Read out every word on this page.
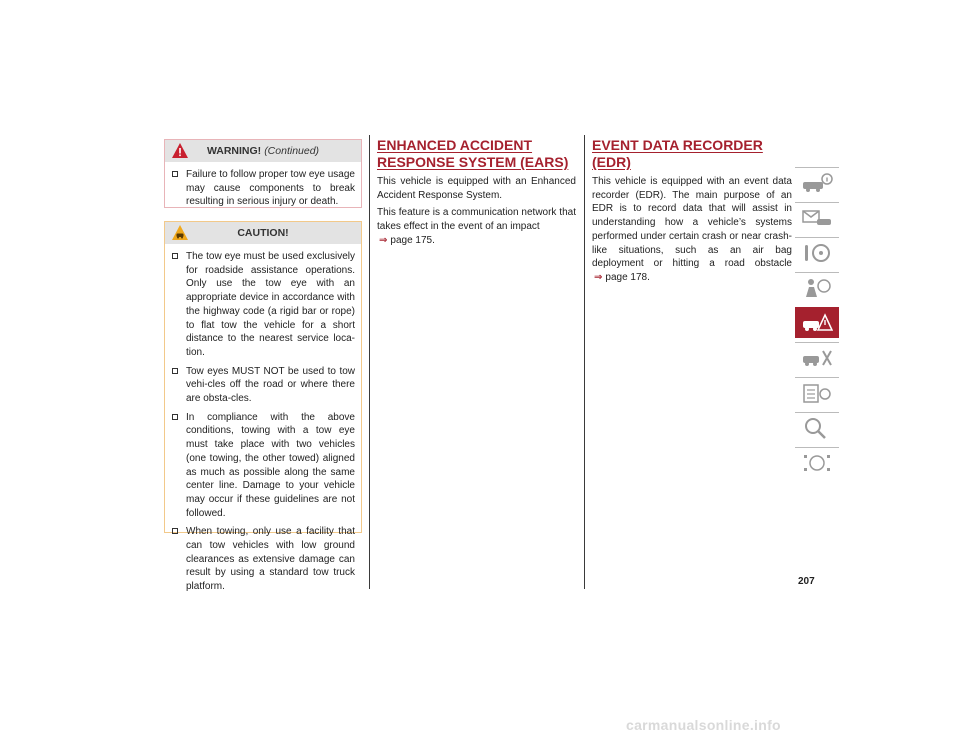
WARNING! (Continued)
Failure to follow proper tow eye usage may cause components to break resulting in serious injury or death.
CAUTION!
The tow eye must be used exclusively for roadside assistance operations. Only use the tow eye with an appropriate device in accordance with the highway code (a rigid bar or rope) to flat tow the vehicle for a short distance to the nearest service loca-tion.
Tow eyes MUST NOT be used to tow vehi-cles off the road or where there are obsta-cles.
In compliance with the above conditions, towing with a tow eye must take place with two vehicles (one towing, the other towed) aligned as much as possible along the same center line. Damage to your vehicle may occur if these guidelines are not followed.
When towing, only use a facility that can tow vehicles with low ground clearances as extensive damage can result by using a standard tow truck platform.
ENHANCED ACCIDENT
RESPONSE SYSTEM (EARS)

This vehicle is equipped with an Enhanced Accident Response System.

This feature is a communication network that takes effect in the event of an impact
⇒ page 175.

EVENT DATA RECORDER (EDR)

This vehicle is equipped with an event data recorder (EDR). The main purpose of an EDR is to record data that will assist in understanding how a vehicle’s systems performed under certain crash or near crash-like situations, such as an air bag deployment or hitting a road obstacle ⇒ page 178.

207
carmanualsonline.info
